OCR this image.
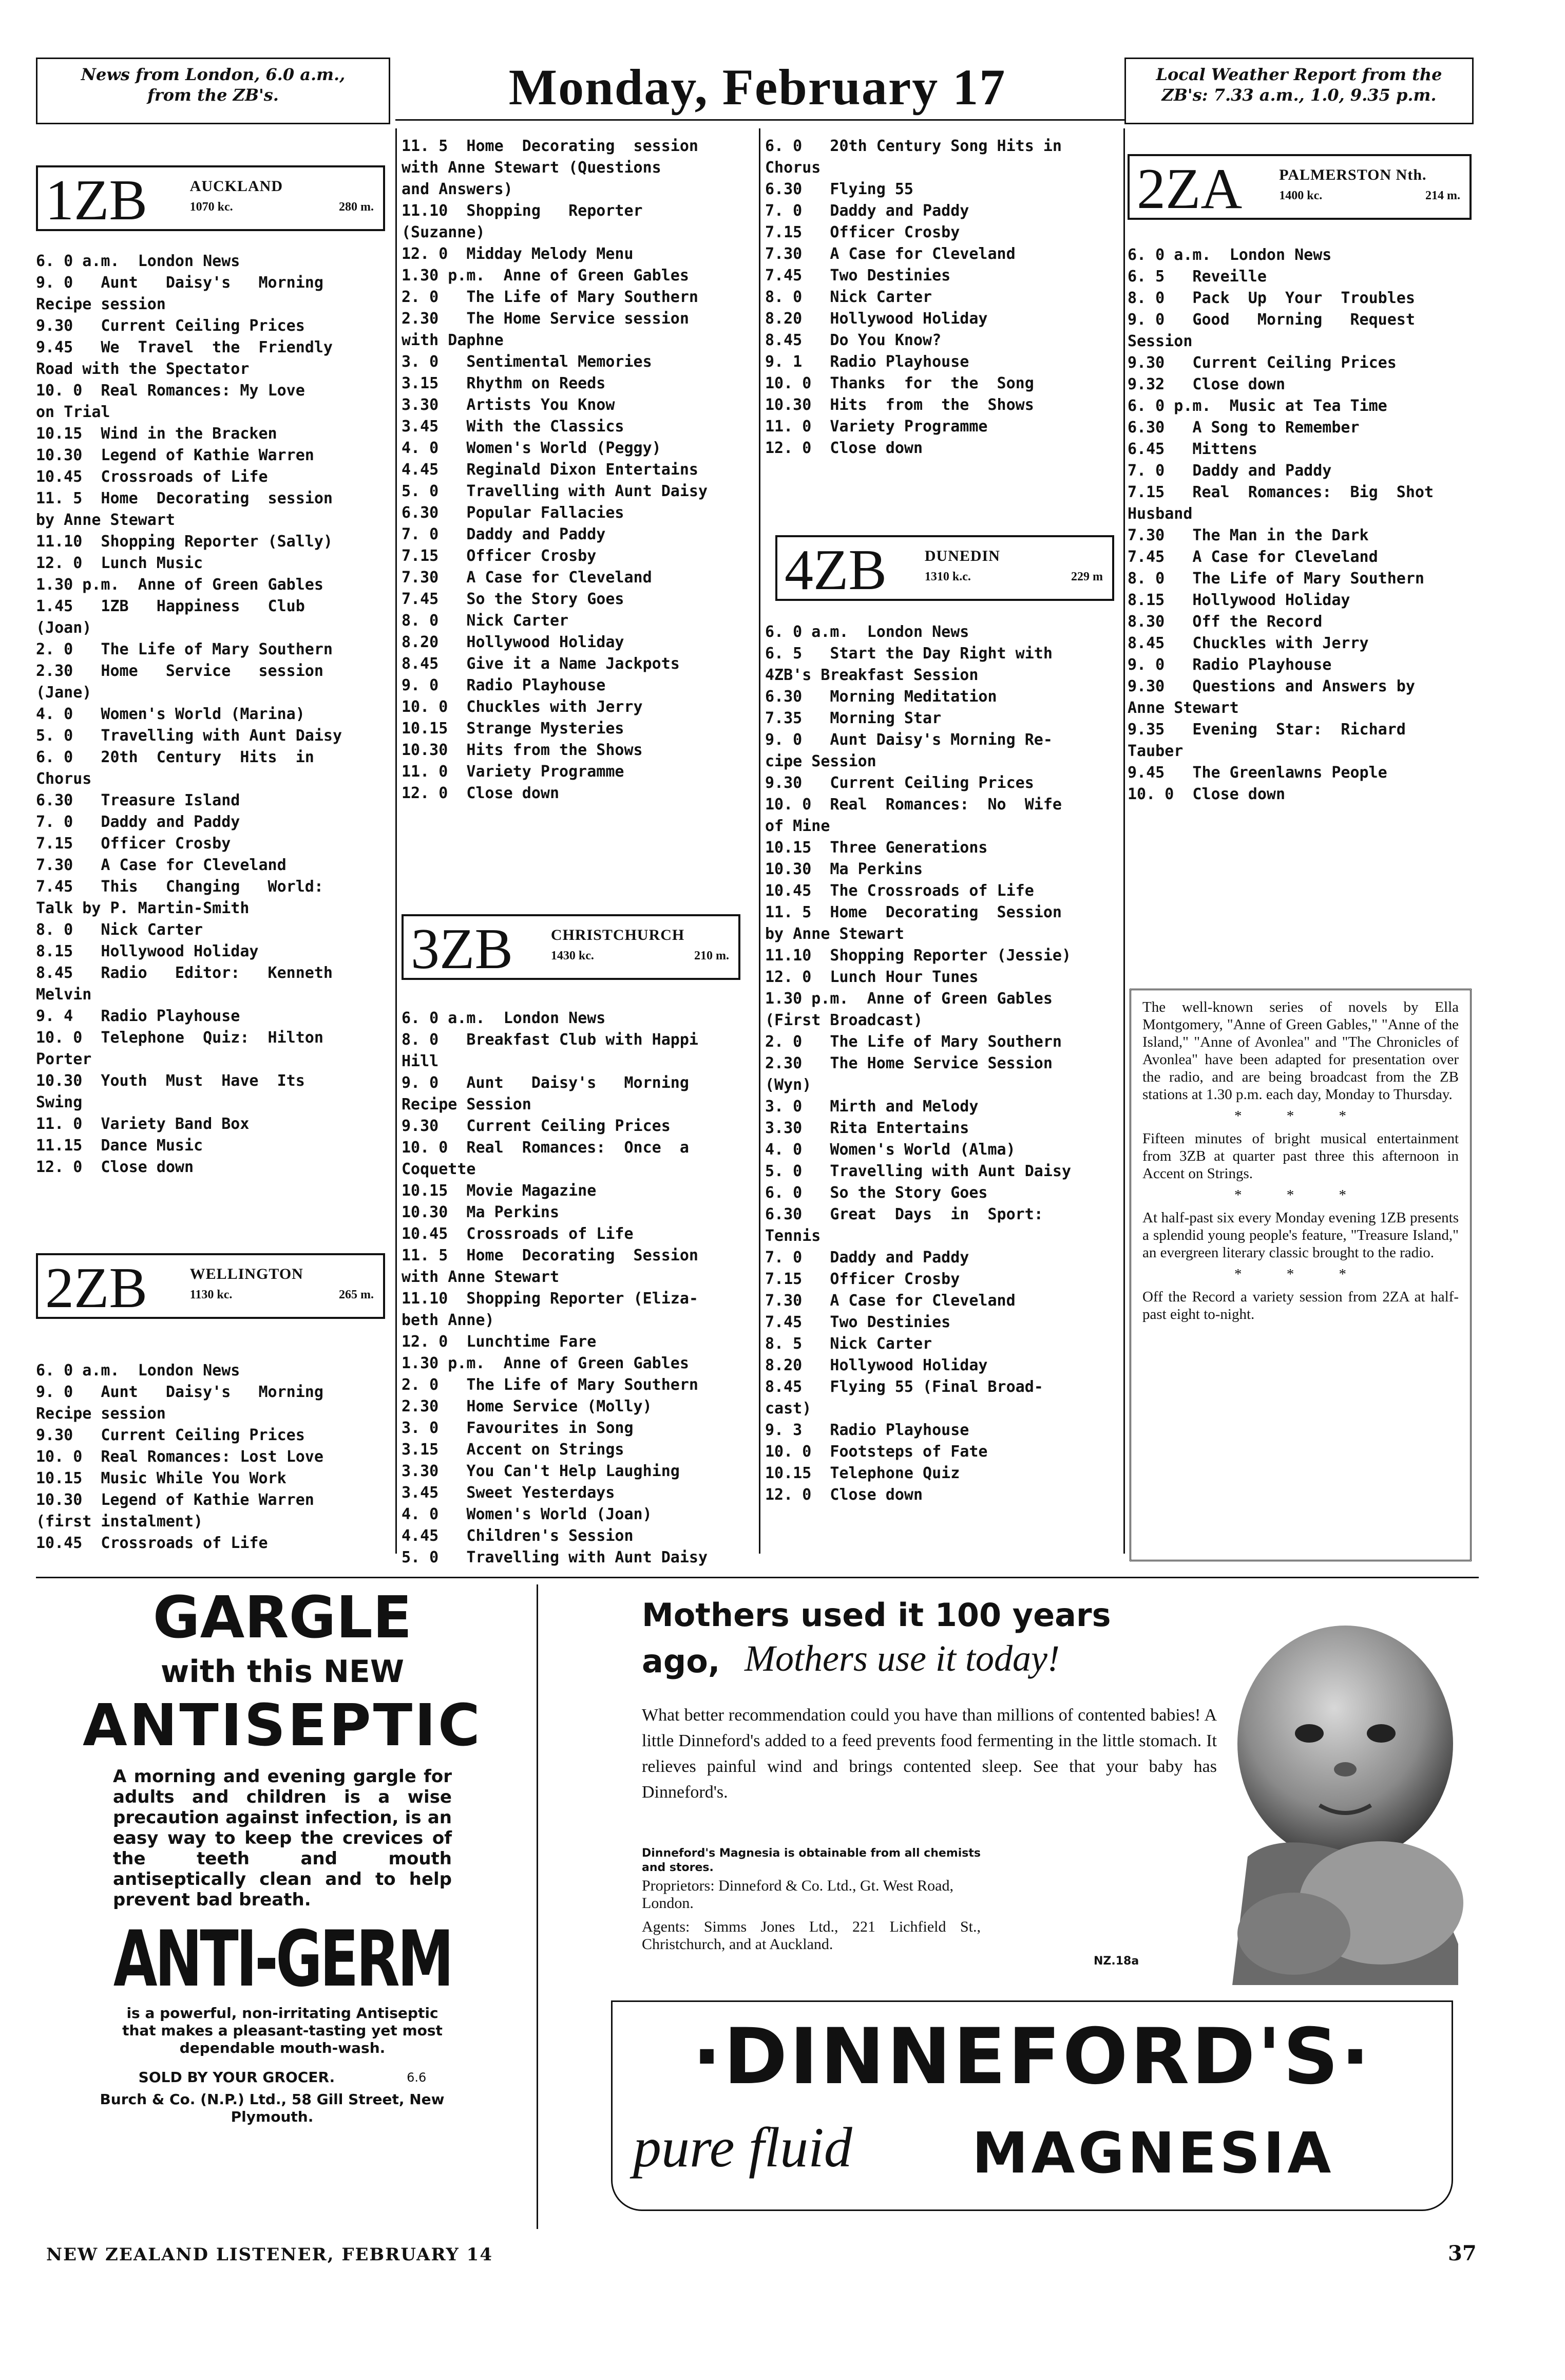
News from London, 6.0 a.m.,
from the ZB's.	Monday, February 17	Local Weather Report from the
ZB's: 7.33 a.m., 1.0, 9.35 p.m.
1ZB	AUCKLAND
1070 kc.	280 m.
6. 0 a.m.  London News
9. 0   Aunt   Daisy's   Morning
Recipe session
9.30   Current Ceiling Prices
9.45   We  Travel  the  Friendly
Road with the Spectator
10. 0  Real Romances: My Love
on Trial
10.15  Wind in the Bracken
10.30  Legend of Kathie Warren
10.45  Crossroads of Life
11. 5  Home  Decorating  session
by Anne Stewart
11.10  Shopping Reporter (Sally)
12. 0  Lunch Music
1.30 p.m.  Anne of Green Gables
1.45   1ZB   Happiness   Club
(Joan)
2. 0   The Life of Mary Southern
2.30   Home   Service   session
(Jane)
4. 0   Women's World (Marina)
5. 0   Travelling with Aunt Daisy
6. 0   20th  Century  Hits  in
Chorus
6.30   Treasure Island
7. 0   Daddy and Paddy
7.15   Officer Crosby
7.30   A Case for Cleveland
7.45   This   Changing   World:
Talk by P. Martin-Smith
8. 0   Nick Carter
8.15   Hollywood Holiday
8.45   Radio   Editor:   Kenneth
Melvin
9. 4   Radio Playhouse
10. 0  Telephone  Quiz:  Hilton
Porter
10.30  Youth  Must  Have  Its
Swing
11. 0  Variety Band Box
11.15  Dance Music
12. 0  Close down
2ZB	WELLINGTON
1130 kc.	265 m.
6. 0 a.m.  London News
9. 0   Aunt   Daisy's   Morning
Recipe session
9.30   Current Ceiling Prices
10. 0  Real Romances: Lost Love
10.15  Music While You Work
10.30  Legend of Kathie Warren
(first instalment)
10.45  Crossroads of Life
11. 5  Home  Decorating  session
with Anne Stewart (Questions
and Answers)
11.10  Shopping   Reporter
(Suzanne)
12. 0  Midday Melody Menu
1.30 p.m.  Anne of Green Gables
2. 0   The Life of Mary Southern
2.30   The Home Service session
with Daphne
3. 0   Sentimental Memories
3.15   Rhythm on Reeds
3.30   Artists You Know
3.45   With the Classics
4. 0   Women's World (Peggy)
4.45   Reginald Dixon Entertains
5. 0   Travelling with Aunt Daisy
6.30   Popular Fallacies
7. 0   Daddy and Paddy
7.15   Officer Crosby
7.30   A Case for Cleveland
7.45   So the Story Goes
8. 0   Nick Carter
8.20   Hollywood Holiday
8.45   Give it a Name Jackpots
9. 0   Radio Playhouse
10. 0  Chuckles with Jerry
10.15  Strange Mysteries
10.30  Hits from the Shows
11. 0  Variety Programme
12. 0  Close down
3ZB CHRISTCHURCH
1430 kc.	210 m.
6. 0 a.m.  London News
8. 0   Breakfast Club with Happi
Hill
9. 0   Aunt   Daisy's   Morning
Recipe Session
9.30   Current Ceiling Prices
10. 0  Real  Romances:  Once  a
Coquette
10.15  Movie Magazine
10.30  Ma Perkins
10.45  Crossroads of Life
11. 5  Home  Decorating  Session
with Anne Stewart
11.10  Shopping Reporter (Eliza-
beth Anne)
12. 0  Lunchtime Fare
1.30 p.m.  Anne of Green Gables
2. 0   The Life of Mary Southern
2.30   Home Service (Molly)
3. 0   Favourites in Song
3.15   Accent on Strings
3.30   You Can't Help Laughing
3.45   Sweet Yesterdays
4. 0   Women's World (Joan)
4.45   Children's Session
5. 0   Travelling with Aunt Daisy
6. 0   20th Century Song Hits in
Chorus
6.30   Flying 55
7. 0   Daddy and Paddy
7.15   Officer Crosby
7.30   A Case for Cleveland
7.45   Two Destinies
8. 0   Nick Carter
8.20   Hollywood Holiday
8.45   Do You Know?
9. 1   Radio Playhouse
10. 0  Thanks  for  the  Song
10.30  Hits  from  the  Shows
11. 0  Variety Programme
12. 0  Close down
4ZB DUNEDIN
1310 k.c.	229 m
6. 0 a.m.  London News
6. 5   Start the Day Right with
4ZB's Breakfast Session
6.30   Morning Meditation
7.35   Morning Star
9. 0   Aunt Daisy's Morning Re-
cipe Session
9.30   Current Ceiling Prices
10. 0  Real  Romances:  No  Wife
of Mine
10.15  Three Generations
10.30  Ma Perkins
10.45  The Crossroads of Life
11. 5  Home  Decorating  Session
by Anne Stewart
11.10  Shopping Reporter (Jessie)
12. 0  Lunch Hour Tunes
1.30 p.m.  Anne of Green Gables
(First Broadcast)
2. 0   The Life of Mary Southern
2.30   The Home Service Session
(Wyn)
3. 0   Mirth and Melody
3.30   Rita Entertains
4. 0   Women's World (Alma)
5. 0   Travelling with Aunt Daisy
6. 0   So the Story Goes
6.30   Great  Days  in  Sport:
Tennis
7. 0   Daddy and Paddy
7.15   Officer Crosby
7.30   A Case for Cleveland
7.45   Two Destinies
8. 5   Nick Carter
8.20   Hollywood Holiday
8.45   Flying 55 (Final Broad-
cast)
9. 3   Radio Playhouse
10. 0  Footsteps of Fate
10.15  Telephone Quiz
12. 0  Close down
2ZA PALMERSTON Nth.
1400 kc.	214 m.
6. 0 a.m.  London News
6. 5   Reveille
8. 0   Pack  Up  Your  Troubles
9. 0   Good   Morning   Request
Session
9.30   Current Ceiling Prices
9.32   Close down
6. 0 p.m.  Music at Tea Time
6.30   A Song to Remember
6.45   Mittens
7. 0   Daddy and Paddy
7.15   Real  Romances:  Big  Shot
Husband
7.30   The Man in the Dark
7.45   A Case for Cleveland
8. 0   The Life of Mary Southern
8.15   Hollywood Holiday
8.30   Off the Record
8.45   Chuckles with Jerry
9. 0   Radio Playhouse
9.30   Questions and Answers by
Anne Stewart
9.35   Evening  Star:  Richard
Tauber
9.45   The Greenlawns People
10. 0  Close down

The well-known series of novels by Ella Montgomery, "Anne of Green Gables," "Anne of the Island," "Anne of Avonlea" and "The Chronicles of Avonlea" have been adapted for presentation over the radio, and are being broadcast from the ZB stations at 1.30 p.m. each day, Monday to Thursday.

* * *

Fifteen minutes of bright musical entertainment from 3ZB at quarter past three this afternoon in Accent on Strings.

* * *

At half-past six every Monday evening 1ZB presents a splendid young people's feature, "Treasure Island," an evergreen literary classic brought to the radio.

* * *

Off the Record a variety session from 2ZA at half-past eight to-night.

GARGLE
with this NEW
ANTISEPTIC
A morning and evening gargle for adults and children is a wise precaution against infection, is an easy way to keep the crevices of the teeth and mouth antiseptically clean and to help prevent bad breath.
ANTI-GERM
is a powerful, non-irritating Antiseptic that makes a pleasant-tasting yet most dependable mouth-wash.
SOLD BY YOUR GROCER.	6.6
Burch & Co. (N.P.) Ltd., 58 Gill Street, New Plymouth.
Mothers used it 100 years
ago, Mothers use it today!
What better recommendation could you have than millions of contented babies! A little Dinneford's added to a feed prevents food fermenting in the little stomach. It relieves painful wind and brings contented sleep. See that your baby has Dinneford's.
Dinneford's Magnesia is obtainable from all chemists and stores.
Proprietors: Dinneford & Co. Ltd., Gt. West Road, London.
Agents: Simms Jones Ltd., 221 Lichfield St., Christchurch, and at Auckland.
NZ.18a
·DINNEFORD'S·
pure fluid MAGNESIA
NEW ZEALAND LISTENER, FEBRUARY 14	37
